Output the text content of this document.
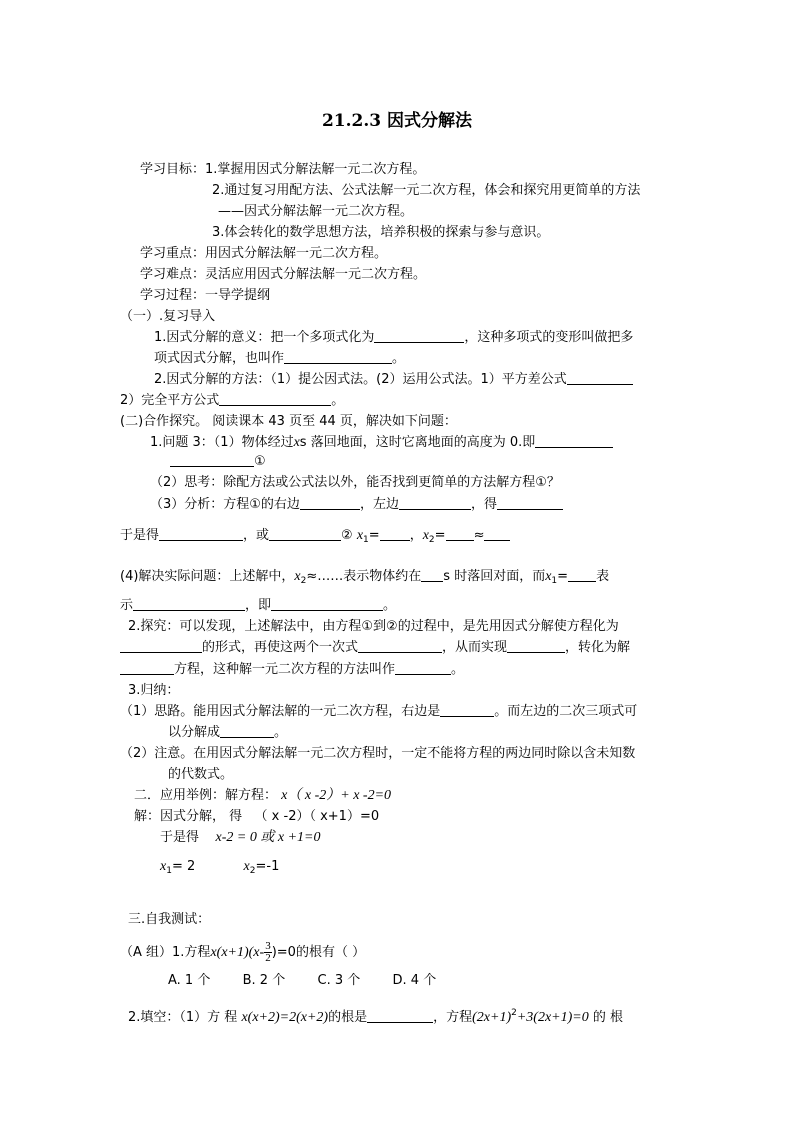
21.2.3 因式分解法
学习目标：1.掌握用因式分解法解一元二次方程。
2.通过复习用配方法、公式法解一元二次方程，体会和探究用更简单的方法
——因式分解法解一元二次方程。
3.体会转化的数学思想方法，培养积极的探索与参与意识。
学习重点：用因式分解法解一元二次方程。
学习难点：灵活应用因式分解法解一元二次方程。
学习过程：一导学提纲
（一）.复习导入
1.因式分解的意义：把一个多项式化为	，这种多项式的变形叫做把多
项式因式分解，也叫作	。
2.因式分解的方法：（1）提公因式法。(2）运用公式法。1）平方差公式
2）完全平方公式	。
(二)合作探究。 阅读课本 43 页至 44 页，解决如下问题：
1.问题 3：（1）物体经过xs 落回地面，这时它离地面的高度为 0.即
①
（2）思考：除配方法或公式法以外，能否找到更简单的方法解方程①？
（3）分析：方程①的右边	，左边	，得
于是得	，或	② $x_1=$ ，$x_2=$ ≈
(4)解决实际问题：上述解中，$x_2\approx\dots\dots$表示物体约在 s 时落回对面，而$x_1=$ 表
示	，即	。
2.探究：可以发现，上述解法中，由方程①到②的过程中，是先用因式分解使方程化为
的形式，再使这两个一次式	，从而实现	，转化为解
方程，这种解一元二次方程的方法叫作	。
3.归纳：
（1）思路。能用因式分解法解的一元二次方程，右边是	。而左边的二次三项式可
以分解成	。
（2）注意。在用因式分解法解一元二次方程时，一定不能将方程的两边同时除以含未知数
的代数式。
二．应用举例：解方程： x（ x -2）+ x -2=0
解：因式分解， 得 （ x -2）（ x+1）=0
于是得 x-2 = 0 或 x +1=0
$x_1= 2$	$x_2=-1$
三.自我测试：
（A 组）1.方程$x(x+1)(x- \frac{3}{2} )=0$的根有（ ）
A. 1 个 B. 2 个 C. 3 个 D. 4 个
2.填空：（1）方 程 x(x+2)=2(x+2)的根是	，方程$(2x+1)^2+3(2x+1)=0$ 的 根
